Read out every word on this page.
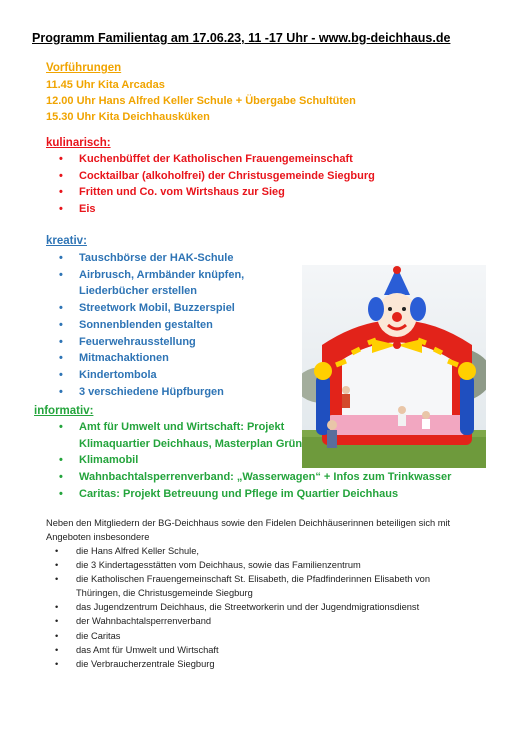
Programm Familientag am 17.06.23, 11 -17 Uhr - www.bg-deichhaus.de
Vorführungen
11.45 Uhr Kita Arcadas
12.00 Uhr Hans Alfred Keller Schule + Übergabe Schultüten
15.30 Uhr Kita Deichhausküken
kulinarisch:
• Kuchenbüffet der Katholischen Frauengemeinschaft
• Cocktailbar (alkoholfrei) der Christusgemeinde Siegburg
• Fritten und Co. vom Wirtshaus zur Sieg
• Eis
kreativ:
• Tauschbörse der HAK-Schule
• Airbrusch, Armbänder knüpfen,
Liederbücher erstellen
• Streetwork Mobil, Buzzerspiel
• Sonnenblenden gestalten
• Feuerwehrausstellung
• Mitmachaktionen
• Kindertombola
• 3 verschiedene Hüpfburgen
informativ:
• Amt für Umwelt und Wirtschaft: Projekt
Klimaquartier Deichhaus, Masterplan Grün
• Klimamobil
• Wahnbachtalsperrenverband: „Wasserwagen“ + Infos zum Trinkwasser
• Caritas: Projekt Betreuung und Pflege im Quartier Deichhaus
Neben den Mitgliedern der BG-Deichhaus sowie den Fidelen Deichhäuserinnen beteiligen sich mit Angeboten insbesondere
• die Hans Alfred Keller Schule,
• die 3 Kindertagesstätten vom Deichhaus, sowie das Familienzentrum
• die Katholischen Frauengemeinschaft St. Elisabeth, die Pfadfinderinnen Elisabeth von
Thüringen, die Christusgemeinde Siegburg
• das Jugendzentrum Deichhaus, die Streetworkerin und der Jugendmigrationsdienst
• der Wahnbachtalsperrenverband
• die Caritas
• das Amt für Umwelt und Wirtschaft
• die Verbraucherzentrale Siegburg
